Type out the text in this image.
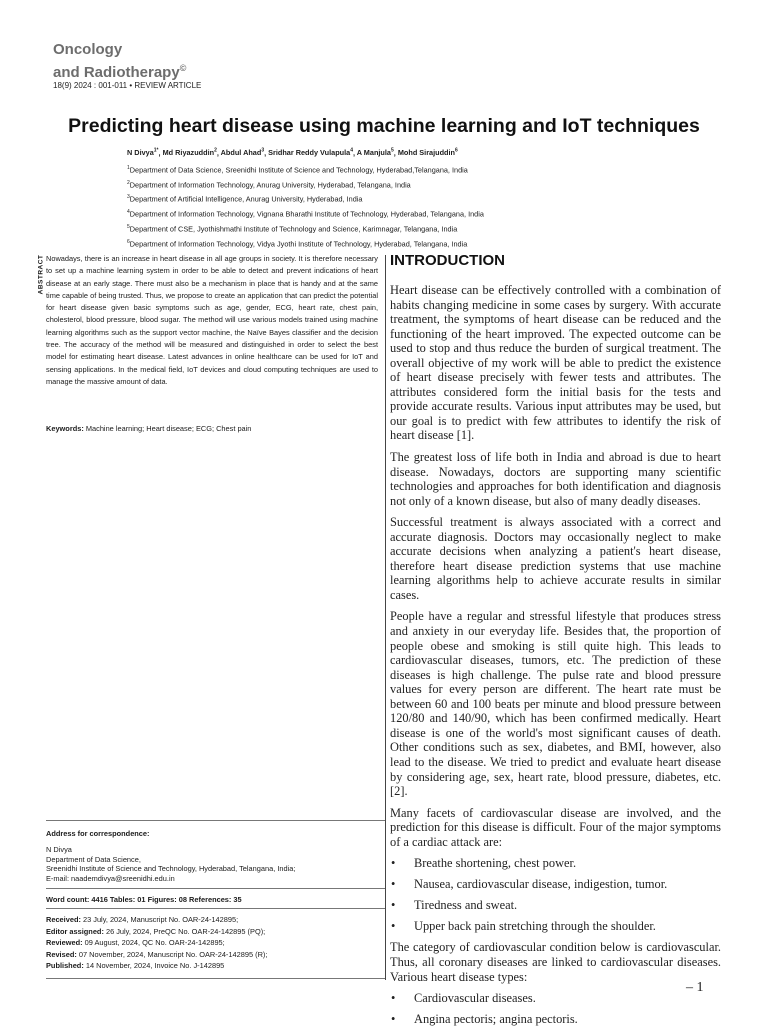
Oncology
and Radiotherapy©
18(9) 2024 : 001-011 • REVIEW ARTICLE
Predicting heart disease using machine learning and IoT techniques
N Divya$^{1*}$, Md Riyazuddin$^2$, Abdul Ahad$^3$, Sridhar Reddy Vulapula$^4$, A Manjula$^5$, Mohd Sirajuddin$^6$
$^1$Department of Data Science, Sreenidhi Institute of Science and Technology, Hyderabad,Telangana, India
$^2$Department of Information Technology, Anurag University, Hyderabad, Telangana, India
$^3$Department of Artificial Intelligence, Anurag University, Hyderabad, India
$^4$Department of Information Technology, Vignana Bharathi Institute of Technology, Hyderabad, Telangana, India
$^5$Department of CSE, Jyothishmathi Institute of Technology and Science, Karimnagar, Telangana, India
$^6$Department of Information Technology, Vidya Jyothi Institute of Technology, Hyderabad, Telangana, India
ABSTRACT Nowadays, there is an increase in heart disease in all age groups in society. It is therefore necessary to set up a machine learning system in order to be able to detect and prevent indications of heart disease at an early stage. There must also be a mechanism in place that is handy and at the same time capable of being trusted. Thus, we propose to create an application that can predict the potential for heart disease given basic symptoms such as age, gender, ECG, heart rate, chest pain, cholesterol, blood pressure, blood sugar. The method will use various models trained using machine learning algorithms such as the support vector machine, the Naïve Bayes classifier and the decision tree. The accuracy of the method will be measured and distinguished in order to select the best model for estimating heart disease. Latest advances in online healthcare can be used for IoT and sensing applications. In the medical field, IoT devices and cloud computing techniques are used to manage the massive amount of data.
Keywords: Machine learning; Heart disease; ECG; Chest pain
Address for correspondence:
N Divya
Department of Data Science,
Sreenidhi Institute of Science and Technology, Hyderabad, Telangana, India;
E-mail: naademdivya@sreenidhi.edu.in
Word count: 4416 Tables: 01 Figures: 08 References: 35
Received: 23 July, 2024, Manuscript No. OAR-24-142895;
Editor assigned: 26 July, 2024, PreQC No. OAR-24-142895 (PQ);
Reviewed: 09 August, 2024, QC No. OAR-24-142895;
Revised: 07 November, 2024, Manuscript No. OAR-24-142895 (R);
Published: 14 November, 2024, Invoice No. J-142895
INTRODUCTION

Heart disease can be effectively controlled with a combination of habits changing medicine in some cases by surgery. With accurate treatment, the symptoms of heart disease can be reduced and the functioning of the heart improved. The expected outcome can be used to stop and thus reduce the burden of surgical treatment. The overall objective of my work will be able to predict the existence of heart disease precisely with fewer tests and attributes. The attributes considered form the initial basis for the tests and provide accurate results. Various input attributes may be used, but our goal is to predict with few attributes to identify the risk of heart disease [1].

The greatest loss of life both in India and abroad is due to heart disease. Nowadays, doctors are supporting many scientific technologies and approaches for both identification and diagnosis not only of a known disease, but also of many deadly diseases.

Successful treatment is always associated with a correct and accurate diagnosis. Doctors may occasionally neglect to make accurate decisions when analyzing a patient's heart disease, therefore heart disease prediction systems that use machine learning algorithms help to achieve accurate results in similar cases.

People have a regular and stressful lifestyle that produces stress and anxiety in our everyday life. Besides that, the proportion of people obese and smoking is still quite high. This leads to cardiovascular diseases, tumors, etc. The prediction of these diseases is high challenge. The pulse rate and blood pressure values for every person are different. The heart rate must be between 60 and 100 beats per minute and blood pressure between 120/80 and 140/90, which has been confirmed medically. Heart disease is one of the world's most significant causes of death. Other conditions such as sex, diabetes, and BMI, however, also lead to the disease. We tried to predict and evaluate heart disease by considering age, sex, heart rate, blood pressure, diabetes, etc. [2].

Many facets of cardiovascular disease are involved, and the prediction for this disease is difficult. Four of the major symptoms of a cardiac attack are:

• Breathe shortening, chest power.
• Nausea, cardiovascular disease, indigestion, tumor.
• Tiredness and sweat.
• Upper back pain stretching through the shoulder.

The category of cardiovascular condition below is cardiovascular. Thus, all coronary diseases are linked to cardiovascular diseases. Various heart disease types:

• Cardiovascular diseases.
• Angina pectoris; angina pectoris.
– 1
